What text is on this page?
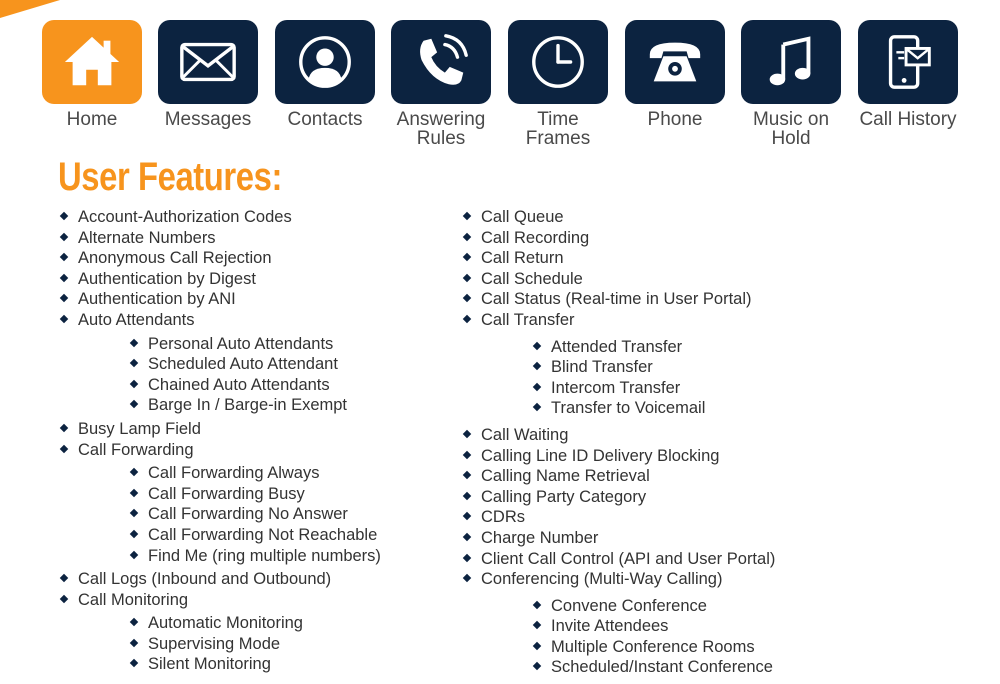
Home	Messages	Contacts	Answering
Rules
Time
Frames
Phone	Music on
Hold
Call History
User Features:
Account-Authorization Codes
Alternate Numbers
Anonymous Call Rejection
Authentication by Digest
Authentication by ANI
Auto Attendants
Personal Auto Attendants
Scheduled Auto Attendant
Chained Auto Attendants
Barge In / Barge-in Exempt
Busy Lamp Field
Call Forwarding
Call Forwarding Always
Call Forwarding Busy
Call Forwarding No Answer
Call Forwarding Not Reachable
Find Me (ring multiple numbers)
Call Logs (Inbound and Outbound)
Call Monitoring
Automatic Monitoring
Supervising Mode
Silent Monitoring
Call Queue
Call Recording
Call Return
Call Schedule
Call Status (Real-time in User Portal)
Call Transfer
Attended Transfer
Blind Transfer
Intercom Transfer
Transfer to Voicemail
Call Waiting
Calling Line ID Delivery Blocking
Calling Name Retrieval
Calling Party Category
CDRs
Charge Number
Client Call Control (API and User Portal)
Conferencing (Multi-Way Calling)
Convene Conference
Invite Attendees
Multiple Conference Rooms
Scheduled/Instant Conference
